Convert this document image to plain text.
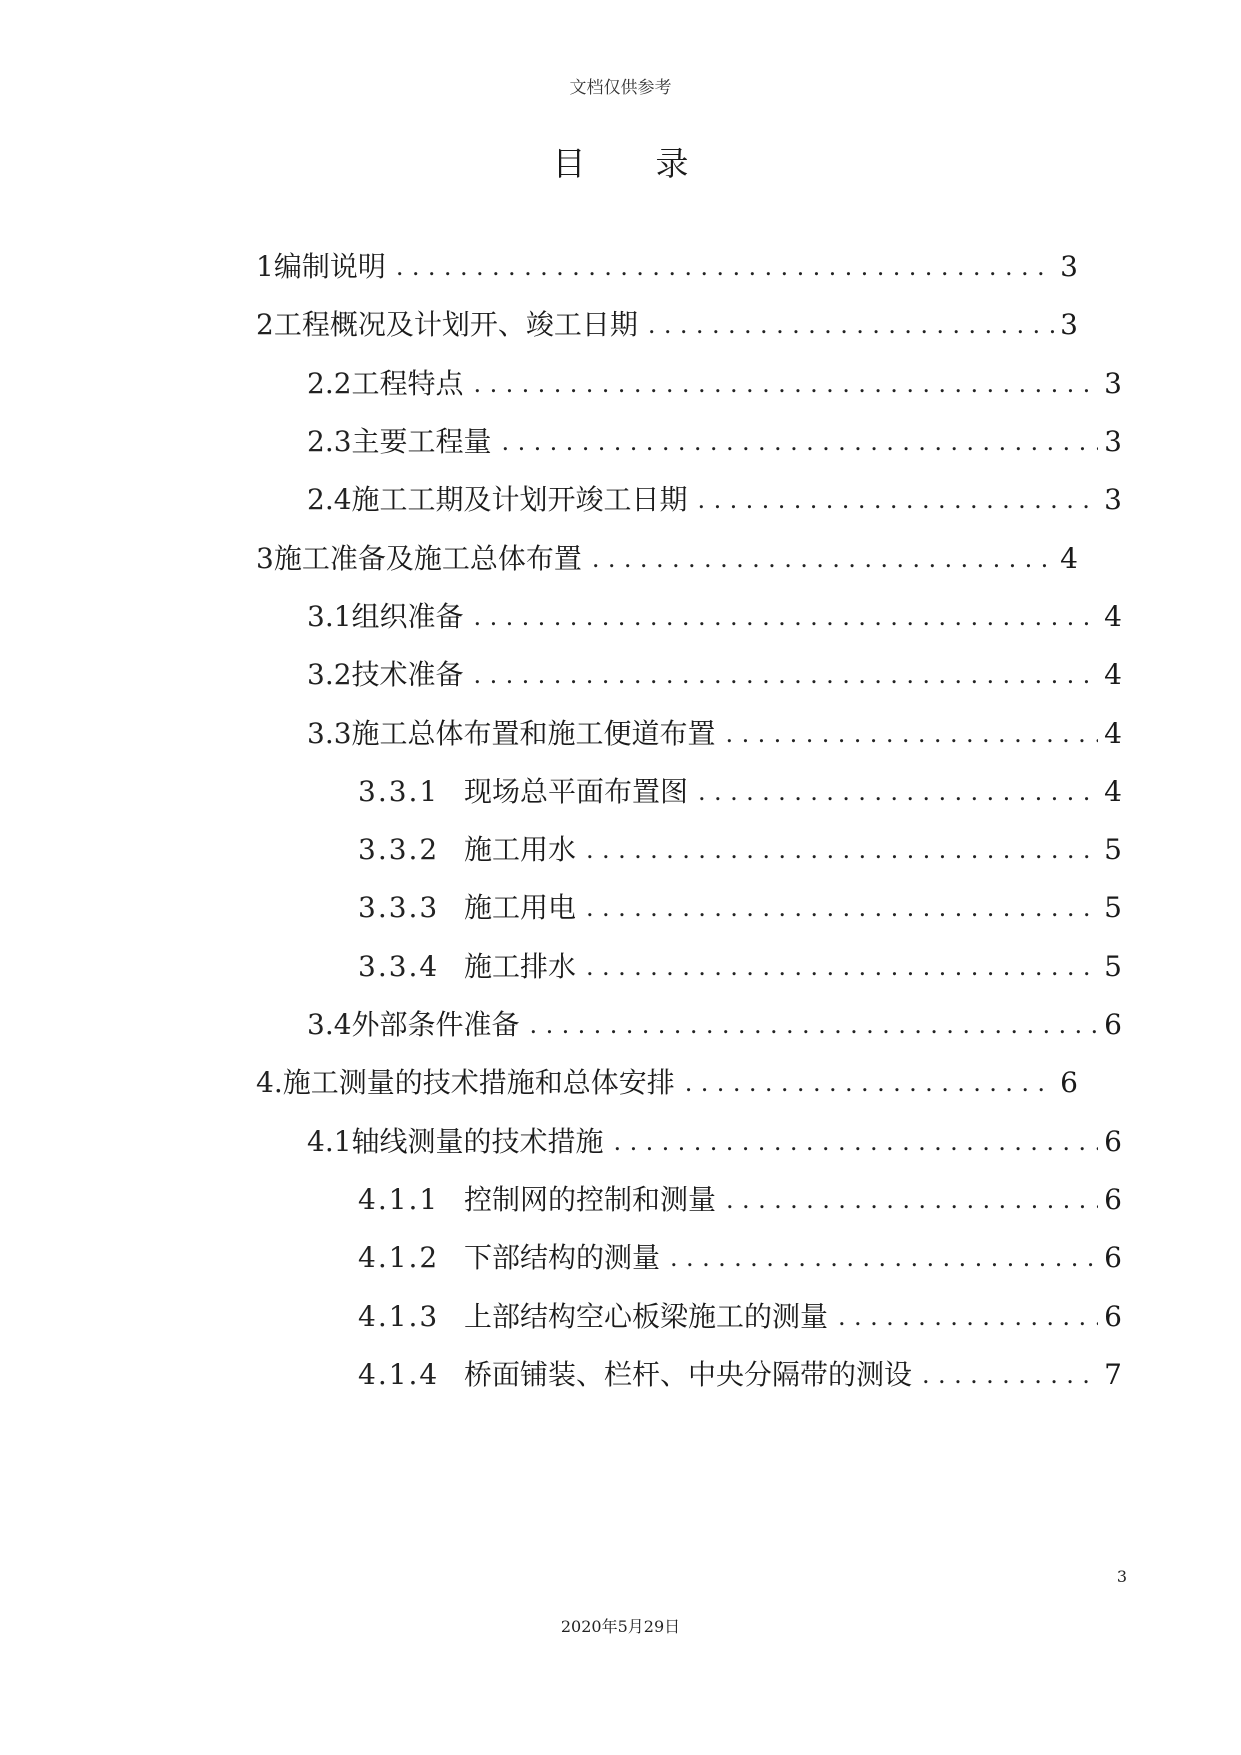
文档仅供参考
目录
1 编制说明 .....	3
2 工程概况及计划开、竣工日期 .....	3
2.2 工程特点 .....	3
2.3 主要工程量 .....	3
2.4 施工工期及计划开竣工日期 .....	3
3 施工准备及施工总体布置 .....	4
3.1 组织准备 .....	4
3.2 技术准备 .....	4
3.3 施工总体布置和施工便道布置 .....	4
3.3.1 现场总平面布置图 .....	4
3.3.2 施工用水 .....	5
3.3.3 施工用电 .....	5
3.3.4 施工排水 .....	5
3.4 外部条件准备 .....	6
4. 施工测量的技术措施和总体安排 .....	6
4.1 轴线测量的技术措施 .....	6
4.1.1 控制网的控制和测量 .....	6
4.1.2 下部结构的测量 .....	6
4.1.3 上部结构空心板梁施工的测量 .....	6
4.1.4 桥面铺装、栏杆、中央分隔带的测设 .....	7
3
2020年5月29日
